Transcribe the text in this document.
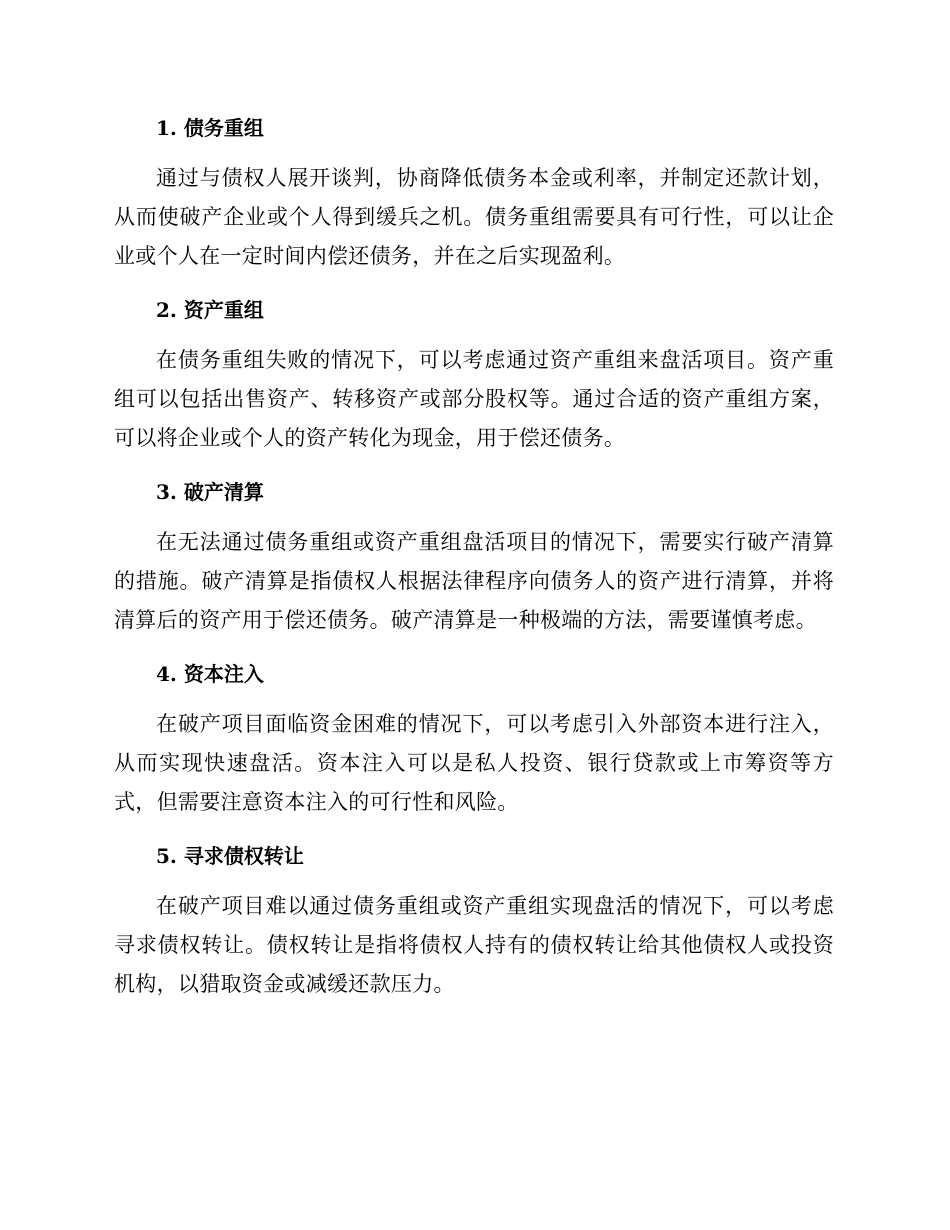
1. 债务重组

通过与债权人展开谈判，协商降低债务本金或利率，并制定还款计划，从而使破产企业或个人得到缓兵之机。债务重组需要具有可行性，可以让企业或个人在一定时间内偿还债务，并在之后实现盈利。

2. 资产重组

在债务重组失败的情况下，可以考虑通过资产重组来盘活项目。资产重组可以包括出售资产、转移资产或部分股权等。通过合适的资产重组方案，可以将企业或个人的资产转化为现金，用于偿还债务。

3. 破产清算

在无法通过债务重组或资产重组盘活项目的情况下，需要实行破产清算的措施。破产清算是指债权人根据法律程序向债务人的资产进行清算，并将清算后的资产用于偿还债务。破产清算是一种极端的方法，需要谨慎考虑。

4. 资本注入

在破产项目面临资金困难的情况下，可以考虑引入外部资本进行注入，从而实现快速盘活。资本注入可以是私人投资、银行贷款或上市筹资等方式，但需要注意资本注入的可行性和风险。

5. 寻求债权转让

在破产项目难以通过债务重组或资产重组实现盘活的情况下，可以考虑寻求债权转让。债权转让是指将债权人持有的债权转让给其他债权人或投资机构，以猎取资金或减缓还款压力。
